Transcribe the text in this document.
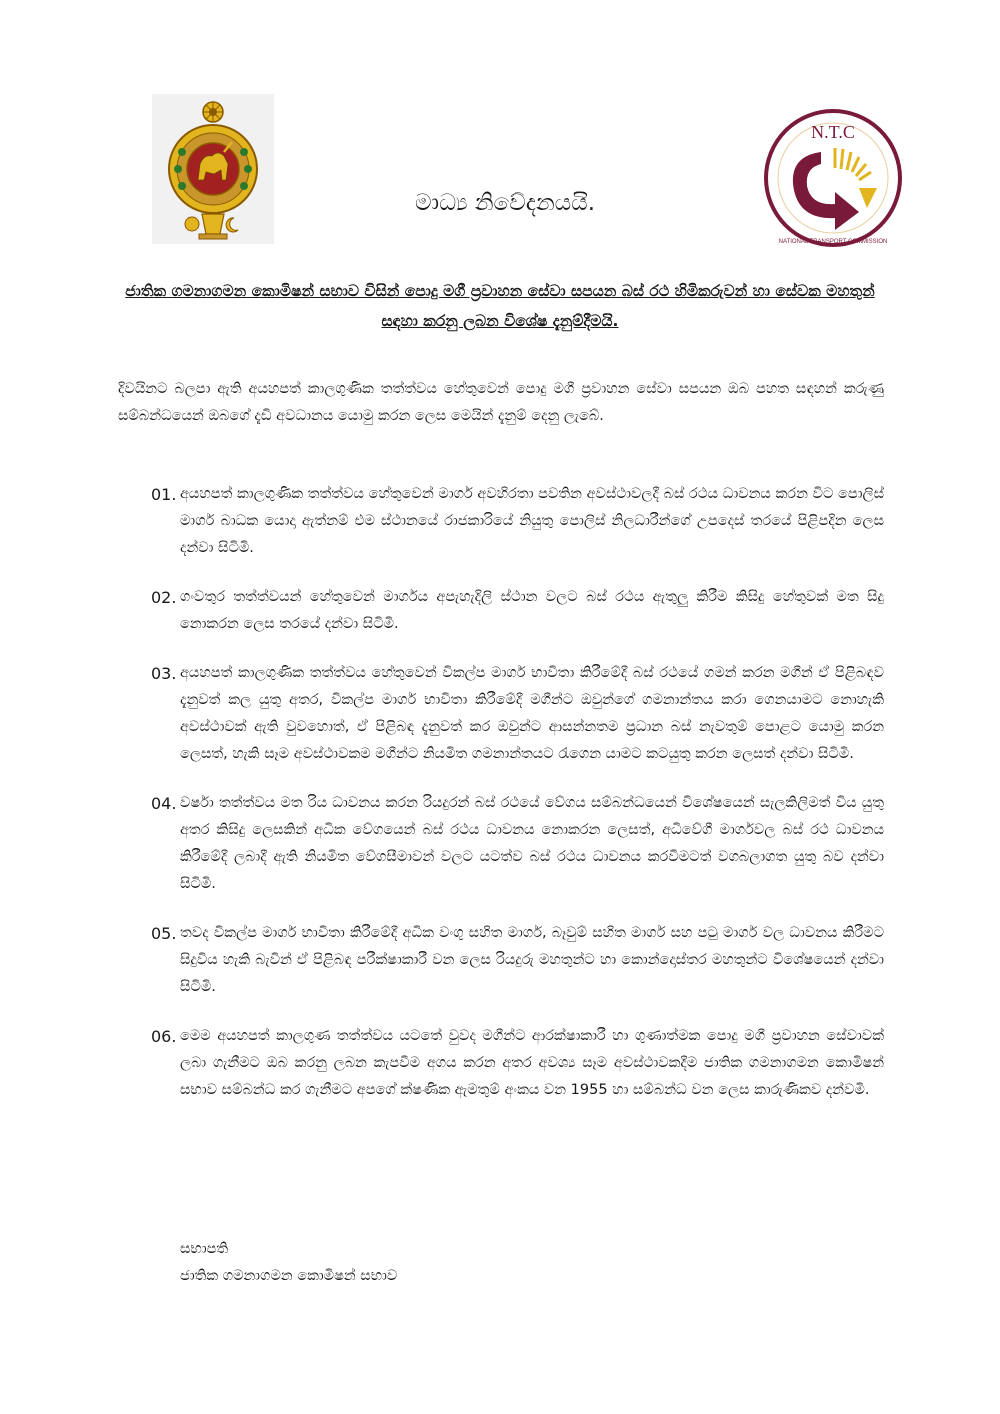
N.T.C
NATIONAL TRANSPORT COMMISSION
මාධ්‍ය නිවේදනයයි.
ජාතික ගමනාගමන කොමිෂන් සභාව විසින් පොදු මගී ප්‍රවාහන සේවා සපයන බස් රථ හිමිකරුවන් හා සේවක මහතුන් සඳහා කරනු ලබන විශේෂ දැනුම්දීමයි.
දිවයිනට බලපා ඇති අයහපත් කාලගුණික තත්ත්වය හේතුවෙන් පොදු මගී ප්‍රවාහන සේවා සපයන ඔබ පහත සඳහන් කරුණු සම්බන්ධයෙන් ඔබගේ දැඩි අවධානය යොමු කරන ලෙස මෙයින් දැනුම් දෙනු ලැබේ.
01. අයහපත් කාලගුණික තත්ත්වය හේතුවෙන් මාර්ග අවහිරතා පවතින අවස්ථාවලදී බස් රථය ධාවනය කරන විට පොලිස් මාර්ග බාධක යොදා ඇත්නම් එම ස්ථානයේ රාජකාරියේ නියුතු පොලිස් නිලධාරීන්ගේ උපදෙස් තරයේ පිළිපදින ලෙස දන්වා සිටිමි.
02. ගංවතුර තත්ත්වයන් හේතුවෙන් මාර්ගය අපැහැදිලි ස්ථාන වලට බස් රථය ඇතුලු කිරීම කිසිදු හේතුවක් මත සිදු නොකරන ලෙස තරයේ දන්වා සිටිමි.
03. අයහපත් කාලගුණික තත්ත්වය හේතුවෙන් විකල්ප මාර්ග භාවිතා කිරීමේදී බස් රථයේ ගමන් කරන මගීන් ඒ පිළිබඳව දැනුවත් කල යුතු අතර, විකල්ප මාර්ග භාවිතා කිරීමේදී මගීන්ට ඔවුන්ගේ ගමනාන්තය කරා ගෙනයාමට නොහැකි අවස්ථාවක් ඇති වුවහොත්, ඒ පිළිබඳ දැනුවත් කර ඔවුන්ට ආසන්නතම ප්‍රධාන බස් නැවතුම් පොළට යොමු කරන ලෙසත්, හැකි සෑම අවස්ථාවකම මගීන්ට නියමිත ගමනාන්තයට රැගෙන යාමට කටයුතු කරන ලෙසත් දන්වා සිටිමි.
04. වර්ෂා තත්ත්වය මත රිය ධාවනය කරන රියදුරන් බස් රථයේ වේගය සම්බන්ධයෙන් විශේෂයෙන් සැලකිලිමත් විය යුතු අතර කිසිදු ලෙසකින් අධික වේගයෙන් බස් රථය ධාවනය නොකරන ලෙසත්, අධිවේගී මාර්ගවල බස් රථ ධාවනය කිරීමේදී ලබාදී ඇති නියමිත වේගසීමාවන් වලට යටත්ව බස් රථය ධාවනය කරවීමටත් වගබලාගත යුතු බව දන්වා සිටිමි.
05. තවද විකල්ප මාර්ග භාවිතා කිරීමේදී අධික වංගු සහිත මාර්ග, බෑවුම් සහිත මාර්ග සහ පටු මාර්ග වල ධාවනය කිරීමට සිදුවිය හැකි බැවින් ඒ පිළිබඳ පරීක්ෂාකාරී වන ලෙස රියදුරු මහතුන්ට හා කොන්දොස්තර මහතුන්ට විශේෂයෙන් දන්වා සිටිමි.
06. මෙම අයහපත් කාලගුණ තත්ත්වය යටතේ වුවද මගීන්ට ආරක්ෂාකාරී හා ගුණාත්මක පොදු මගී ප්‍රවාහන සේවාවක් ලබා ගැනීමට ඔබ කරනු ලබන කැපවීම අගය කරන අතර අවශ්‍ය සෑම අවස්ථාවකදීම ජාතික ගමනාගමන කොමිෂන් සභාව සම්බන්ධ කර ගැනීමට අපගේ ක්ෂණික ඇමතුම් අංකය වන 1955 හා සම්බන්ධ වන ලෙස කාරුණිකව දන්වමි.
සභාපති
ජාතික ගමනාගමන කොමිෂන් සභාව
